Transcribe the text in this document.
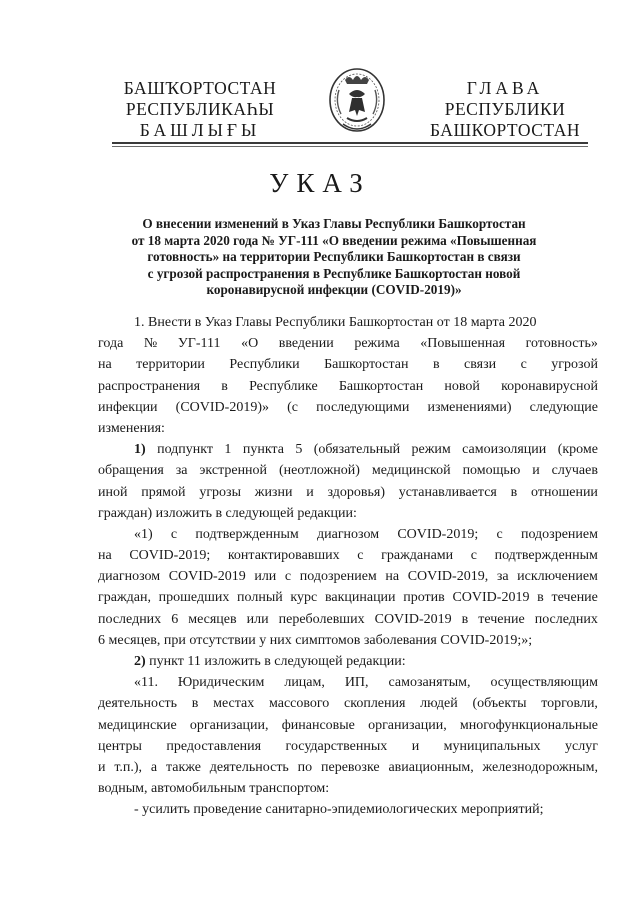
БАШҠОРТОСТАН
РЕСПУБЛИКАҺЫ
БАШЛЫҒЫ
ГЛАВА
РЕСПУБЛИКИ
БАШКОРТОСТАН
УКАЗ
О внесении изменений в Указ Главы Республики Башкортостан
от 18 марта 2020 года № УГ-111 «О введении режима «Повышенная
готовность» на территории Республики Башкортостан в связи
с угрозой распространения в Республике Башкортостан новой
коронавирусной инфекции (COVID-2019)»
1. Внести в Указ Главы Республики Башкортостан от 18 марта 2020
года № УГ-111 «О введении режима «Повышенная готовность»
на территории Республики Башкортостан в связи с угрозой
распространения в Республике Башкортостан новой коронавирусной
инфекции (COVID-2019)» (с последующими изменениями) следующие
изменения:
1) подпункт 1 пункта 5 (обязательный режим самоизоляции (кроме
обращения за экстренной (неотложной) медицинской помощью и случаев
иной прямой угрозы жизни и здоровья) устанавливается в отношении
граждан) изложить в следующей редакции:
«1) с подтвержденным диагнозом COVID-2019; с подозрением
на COVID-2019; контактировавших с гражданами с подтвержденным
диагнозом COVID-2019 или с подозрением на COVID-2019, за исключением
граждан, прошедших полный курс вакцинации против COVID-2019 в течение
последних 6 месяцев или переболевших COVID-2019 в течение последних
6 месяцев, при отсутствии у них симптомов заболевания COVID-2019;»;
2) пункт 11 изложить в следующей редакции:
«11. Юридическим лицам, ИП, самозанятым, осуществляющим
деятельность в местах массового скопления людей (объекты торговли,
медицинские организации, финансовые организации, многофункциональные
центры предоставления государственных и муниципальных услуг
и т.п.), а также деятельность по перевозке авиационным, железнодорожным,
водным, автомобильным транспортом:
- усилить проведение санитарно-эпидемиологических мероприятий;
